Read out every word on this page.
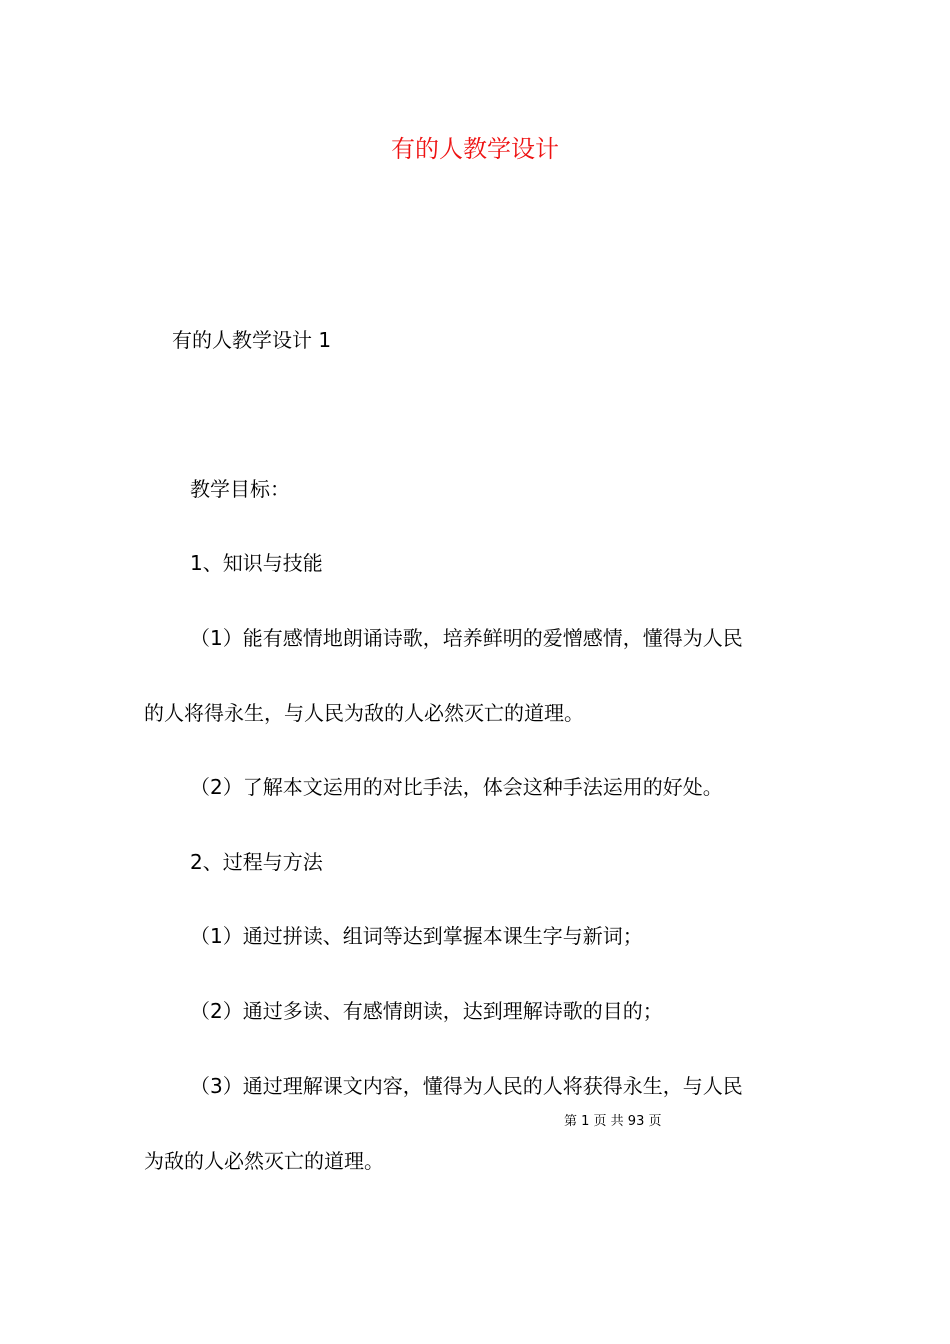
有的人教学设计
有的人教学设计 1
教学目标：
1、知识与技能
（1）能有感情地朗诵诗歌，培养鲜明的爱憎感情，懂得为人民
的人将得永生，与人民为敌的人必然灭亡的道理。
（2）了解本文运用的对比手法，体会这种手法运用的好处。
2、过程与方法
（1）通过拼读、组词等达到掌握本课生字与新词；
（2）通过多读、有感情朗读，达到理解诗歌的目的；
（3）通过理解课文内容，懂得为人民的人将获得永生，与人民
第 1 页 共 93 页
为敌的人必然灭亡的道理。
